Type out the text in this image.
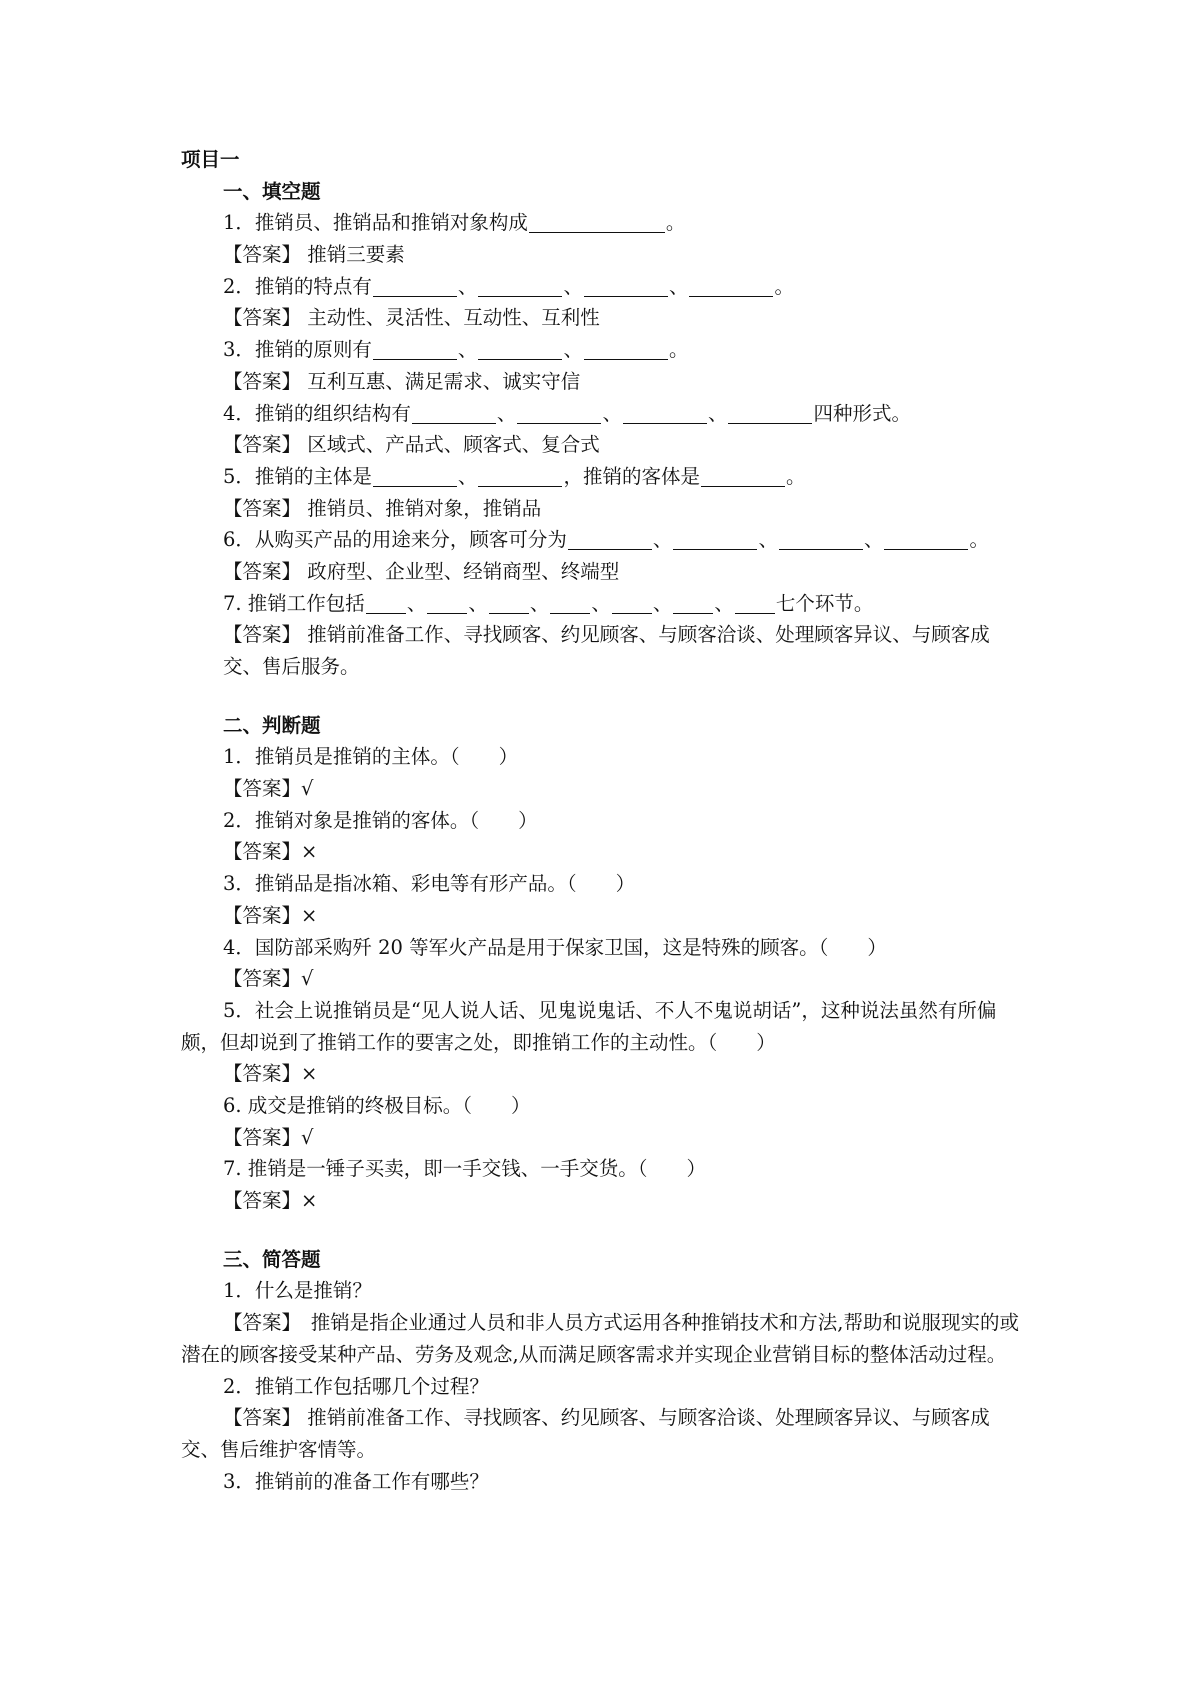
项目一
一、填空题
1．推销员、推销品和推销对象构成	。
【答案】 推销三要素
2．推销的特点有	、	、	、	。
【答案】 主动性、灵活性、互动性、互利性
3．推销的原则有	、	、	。
【答案】 互利互惠、满足需求、诚实守信
4．推销的组织结构有	、	、	、	四种形式。
【答案】 区域式、产品式、顾客式、复合式
5．推销的主体是	、	，推销的客体是	。
【答案】 推销员、推销对象，推销品
6．从购买产品的用途来分，顾客可分为	、	、	、	。
【答案】 政府型、企业型、经销商型、终端型
7. 推销工作包括 、 、 、 、 、 、 七个环节。
【答案】 推销前准备工作、寻找顾客、约见顾客、与顾客洽谈、处理顾客异议、与顾客成交、售后服务。
二、判断题
1．推销员是推销的主体。（　　）
【答案】√
2．推销对象是推销的客体。（　　）
【答案】×
3．推销品是指冰箱、彩电等有形产品。（　　）
【答案】×
4．国防部采购歼 20 等军火产品是用于保家卫国，这是特殊的顾客。（　　）
【答案】√
5．社会上说推销员是“见人说人话、见鬼说鬼话、不人不鬼说胡话”，这种说法虽然有所偏颇，但却说到了推销工作的要害之处，即推销工作的主动性。（　　）
【答案】×
6. 成交是推销的终极目标。（　　）
【答案】√
7. 推销是一锤子买卖，即一手交钱、一手交货。（　　）
【答案】×
三、简答题
1．什么是推销？
【答案】　推销是指企业通过人员和非人员方式运用各种推销技术和方法,帮助和说服现实的或潜在的顾客接受某种产品、劳务及观念,从而满足顾客需求并实现企业营销目标的整体活动过程。
2．推销工作包括哪几个过程？
【答案】 推销前准备工作、寻找顾客、约见顾客、与顾客洽谈、处理顾客异议、与顾客成交、售后维护客情等。
3．推销前的准备工作有哪些？
